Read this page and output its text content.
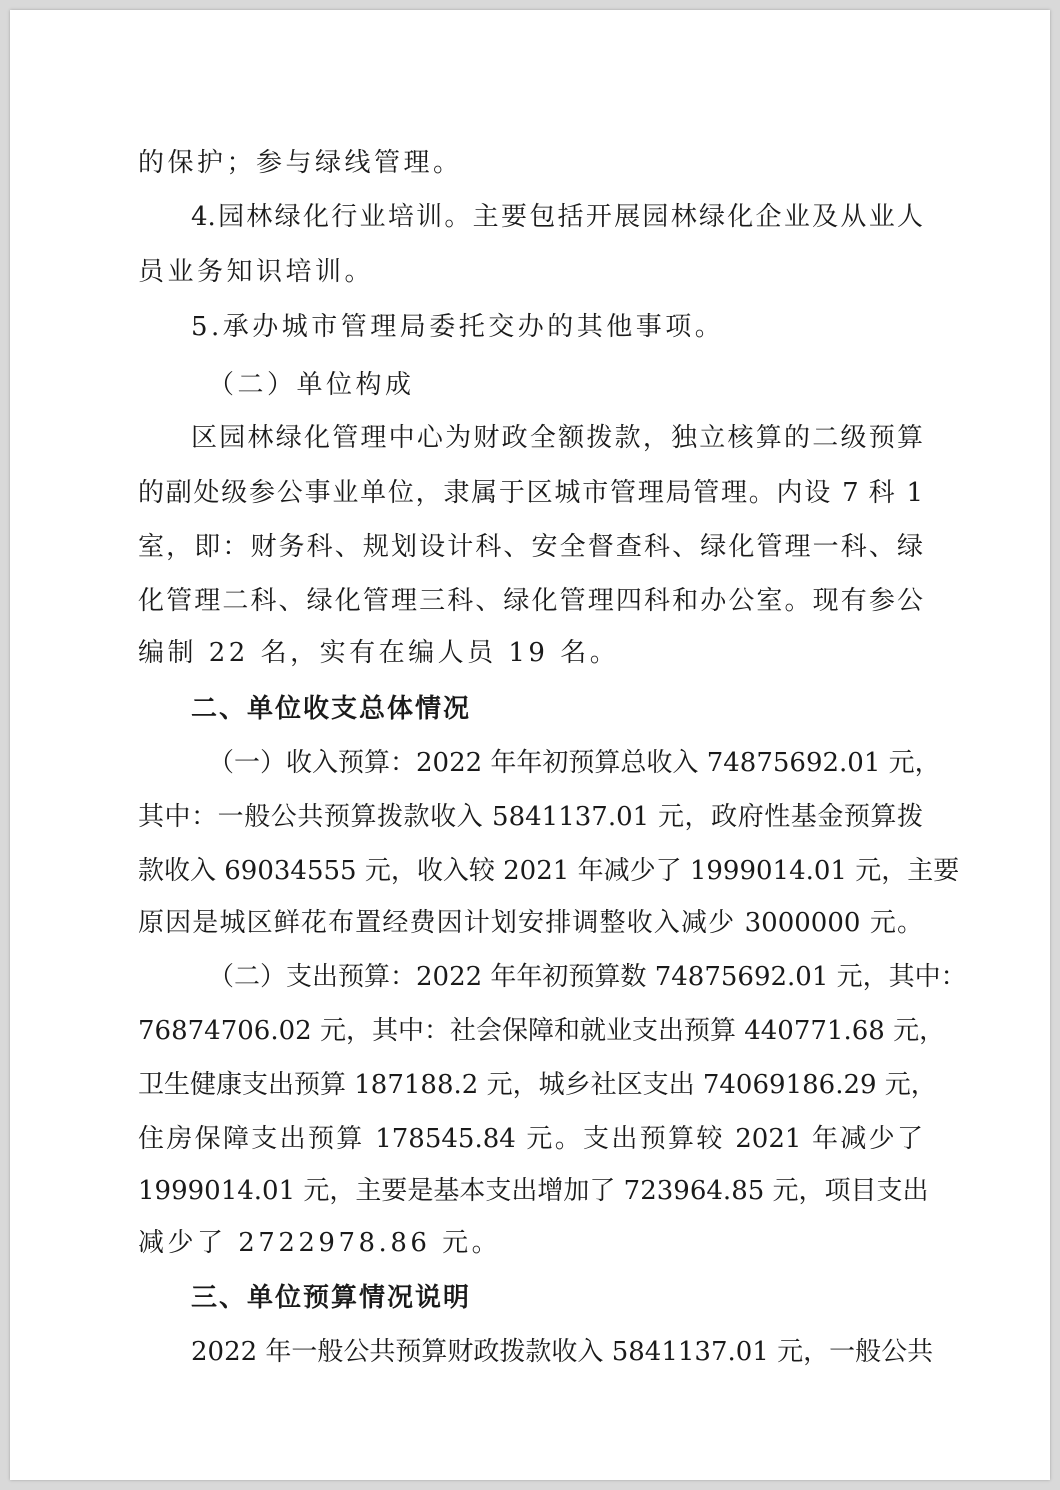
的保护；参与绿线管理。
4.园林绿化行业培训。主要包括开展园林绿化企业及从业人
员业务知识培训。
5.承办城市管理局委托交办的其他事项。
（二）单位构成
区园林绿化管理中心为财政全额拨款，独立核算的二级预算
的副处级参公事业单位，隶属于区城市管理局管理。内设 7 科 1
室，即：财务科、规划设计科、安全督查科、绿化管理一科、绿
化管理二科、绿化管理三科、绿化管理四科和办公室。现有参公
编制 22 名，实有在编人员 19 名。
二、单位收支总体情况
（一）收入预算：2022 年年初预算总收入 74875692.01 元，
其中：一般公共预算拨款收入 5841137.01 元，政府性基金预算拨
款收入 69034555 元，收入较 2021 年减少了 1999014.01 元，主要
原因是城区鲜花布置经费因计划安排调整收入减少 3000000 元。
（二）支出预算：2022 年年初预算数 74875692.01 元，其中：
76874706.02 元，其中：社会保障和就业支出预算 440771.68 元，
卫生健康支出预算 187188.2 元，城乡社区支出 74069186.29 元，
住房保障支出预算 178545.84 元。支出预算较 2021 年减少了
1999014.01 元，主要是基本支出增加了 723964.85 元，项目支出
减少了 2722978.86 元。
三、单位预算情况说明
2022 年一般公共预算财政拨款收入 5841137.01 元，一般公共
